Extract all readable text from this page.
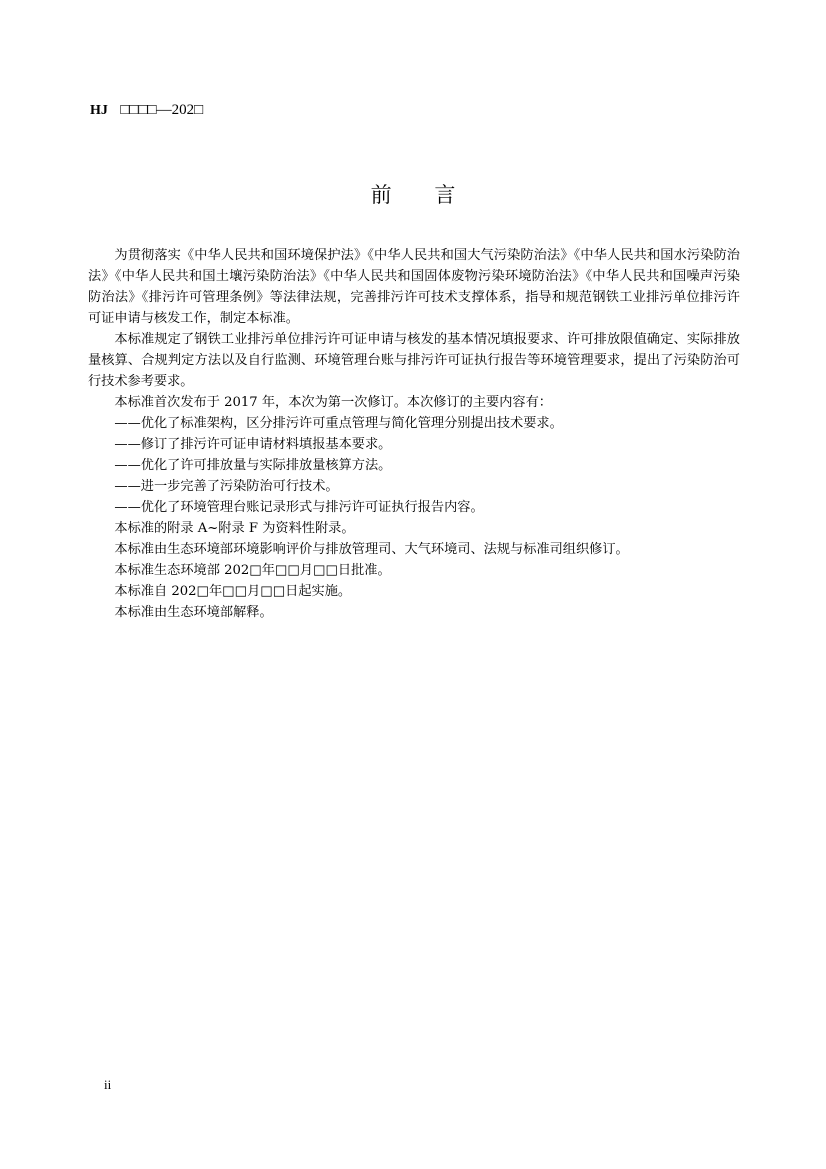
HJ □□□□—202□
前 言

为贯彻落实《中华人民共和国环境保护法》《中华人民共和国大气污染防治法》《中华人民共和国水污染防治法》《中华人民共和国土壤污染防治法》《中华人民共和国固体废物污染环境防治法》《中华人民共和国噪声污染防治法》《排污许可管理条例》等法律法规，完善排污许可技术支撑体系，指导和规范钢铁工业排污单位排污许可证申请与核发工作，制定本标准。

本标准规定了钢铁工业排污单位排污许可证申请与核发的基本情况填报要求、许可排放限值确定、实际排放量核算、合规判定方法以及自行监测、环境管理台账与排污许可证执行报告等环境管理要求，提出了污染防治可行技术参考要求。

本标准首次发布于 2017 年，本次为第一次修订。本次修订的主要内容有：

——优化了标准架构，区分排污许可重点管理与简化管理分别提出技术要求。

——修订了排污许可证申请材料填报基本要求。

——优化了许可排放量与实际排放量核算方法。

——进一步完善了污染防治可行技术。

——优化了环境管理台账记录形式与排污许可证执行报告内容。

本标准的附录 A~附录 F 为资料性附录。

本标准由生态环境部环境影响评价与排放管理司、大气环境司、法规与标准司组织修订。

本标准生态环境部 202□年□□月□□日批准。

本标准自 202□年□□月□□日起实施。

本标准由生态环境部解释。

ii
